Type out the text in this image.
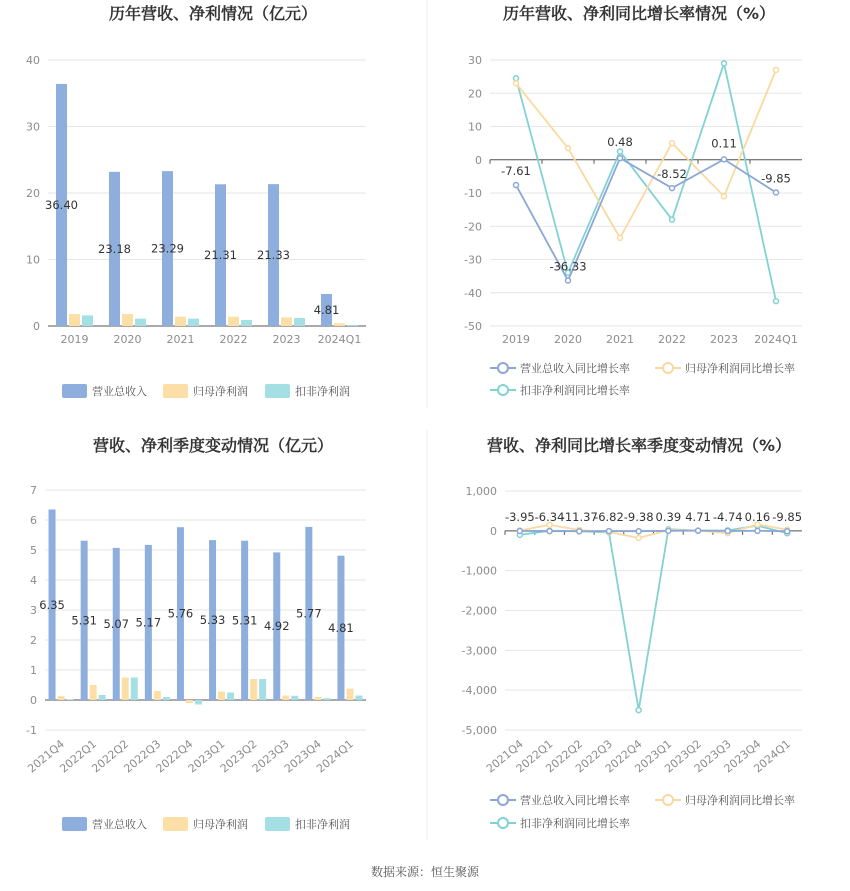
历年营收、净利情况（亿元）
0
10
20
30
40
2019 2020 2021 2022 2023 2024Q1
36.40
23.18 23.29 21.31 21.33
4.81
营业总收入	归母净利润	扣非净利润
历年营收、净利同比增长率情况（%）
30
20
10
0
-10
-20
-30
-40
-50
2019 2020 2021 2022 2023 2024Q1
-7.61
-36.33
0.48
-8.52
0.11
-9.85
营业总收入同比增长率	归母净利润同比增长率
扣非净利润同比增长率
营收、净利季度变动情况（亿元）
-1
0
1
2
3
4
5
6
7
2021Q4
2022Q1
2022Q2
2022Q3
2022Q4
2023Q1
2023Q2
2023Q3
2023Q4
2024Q1
6.35
5.31 5.07 5.17
5.76 5.33 5.31 4.92
5.77
4.81
营业总收入	归母净利润	扣非净利润
营收、净利同比增长率季度变动情况（%）
1,000
0
-1,000
-2,000
-3,000
-4,000
-5,000
2021Q4
2022Q1
2022Q2
2022Q3
2022Q4
2023Q1
2023Q2
2023Q3
2023Q4
2024Q1
-3.95 -6.34
-11.37
-6.82 -9.38 0.39 4.71 -4.74 0.16 -9.85
营业总收入同比增长率	归母净利润同比增长率
扣非净利润同比增长率
数据来源：恒生聚源
